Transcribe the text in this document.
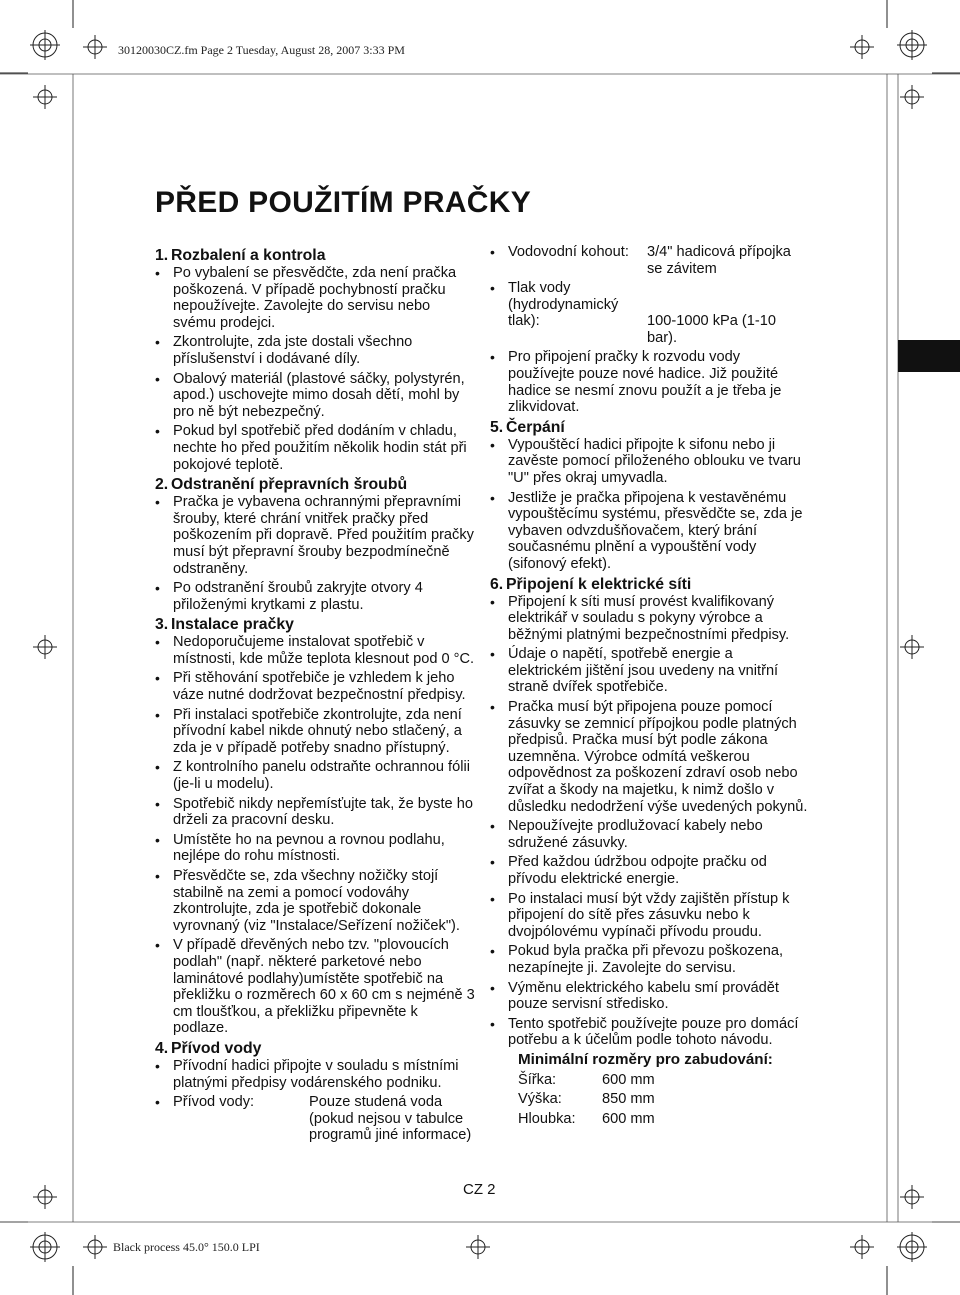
30120030CZ.fm Page 2 Tuesday, August 28, 2007 3:33 PM
Black process 45.0° 150.0 LPI
PŘED POUŽITÍM PRAČKY
1. Rozbalení a kontrola
• Po vybalení se přesvědčte, zda není pračka poškozená. V případě pochybností pračku nepoužívejte. Zavolejte do servisu nebo svému prodejci.
• Zkontrolujte, zda jste dostali všechno příslušenství i dodávané díly.
• Obalový materiál (plastové sáčky, polystyrén, apod.) uschovejte mimo dosah dětí, mohl by pro ně být nebezpečný.
• Pokud byl spotřebič před dodáním v chladu, nechte ho před použitím několik hodin stát při pokojové teplotě.
2. Odstranění přepravních šroubů
• Pračka je vybavena ochrannými přepravními šrouby, které chrání vnitřek pračky před poškozením při dopravě. Před použitím pračky musí být přepravní šrouby bezpodmínečně odstraněny.
• Po odstranění šroubů zakryjte otvory 4 přiloženými krytkami z plastu.
3. Instalace pračky
• Nedoporučujeme instalovat spotřebič v místnosti, kde může teplota klesnout pod 0 °C.
• Při stěhování spotřebiče je vzhledem k jeho váze nutné dodržovat bezpečnostní předpisy.
• Při instalaci spotřebiče zkontrolujte, zda není přívodní kabel nikde ohnutý nebo stlačený, a zda je v případě potřeby snadno přístupný.
• Z kontrolního panelu odstraňte ochrannou fólii (je-li u modelu).
• Spotřebič nikdy nepřemísťujte tak, že byste ho drželi za pracovní desku.
• Umístěte ho na pevnou a rovnou podlahu, nejlépe do rohu místnosti.
• Přesvědčte se, zda všechny nožičky stojí stabilně na zemi a pomocí vodováhy zkontrolujte, zda je spotřebič dokonale vyrovnaný (viz "Instalace/Seřízení nožiček").
• V případě dřevěných nebo tzv. "plovoucích podlah" (např. některé parketové nebo laminátové podlahy)umístěte spotřebič na překližku o rozměrech 60 x 60 cm s nejméně 3 cm tloušťkou, a překližku připevněte k podlaze.
4. Přívod vody
• Přívodní hadici připojte v souladu s místními platnými předpisy vodárenského podniku.
• Přívod vody:	Pouze studená voda (pokud nejsou v tabulce programů jiné informace)
• Vodovodní kohout:	3/4" hadicová přípojka se závitem
• Tlak vody (hydrodynamický tlak):	100-1000 kPa (1-10 bar).
• Pro připojení pračky k rozvodu vody používejte pouze nové hadice. Již použité hadice se nesmí znovu použít a je třeba je zlikvidovat.
5. Čerpání
• Vypouštěcí hadici připojte k sifonu nebo ji zavěste pomocí přiloženého oblouku ve tvaru "U" přes okraj umyvadla.
• Jestliže je pračka připojena k vestavěnému vypouštěcímu systému, přesvědčte se, zda je vybaven odvzdušňovačem, který brání současnému plnění a vypouštění vody (sifonový efekt).
6. Připojení k elektrické síti
• Připojení k síti musí provést kvalifikovaný elektrikář v souladu s pokyny výrobce a běžnými platnými bezpečnostními předpisy.
• Údaje o napětí, spotřebě energie a elektrickém jištění jsou uvedeny na vnitřní straně dvířek spotřebiče.
• Pračka musí být připojena pouze pomocí zásuvky se zemnicí přípojkou podle platných předpisů. Pračka musí být podle zákona uzemněna. Výrobce odmítá veškerou odpovědnost za poškození zdraví osob nebo zvířat a škody na majetku, k nimž došlo v důsledku nedodržení výše uvedených pokynů.
• Nepoužívejte prodlužovací kabely nebo sdružené zásuvky.
• Před každou údržbou odpojte pračku od přívodu elektrické energie.
• Po instalaci musí být vždy zajištěn přístup k připojení do sítě přes zásuvku nebo k dvojpólovému vypínači přívodu proudu.
• Pokud byla pračka při převozu poškozena, nezapínejte ji. Zavolejte do servisu.
• Výměnu elektrického kabelu smí provádět pouze servisní středisko.
• Tento spotřebič používejte pouze pro domácí potřebu a k účelům podle tohoto návodu.
Minimální rozměry pro zabudování:
Šířka:	600 mm
Výška:	850 mm
Hloubka:	600 mm
CZ 2
